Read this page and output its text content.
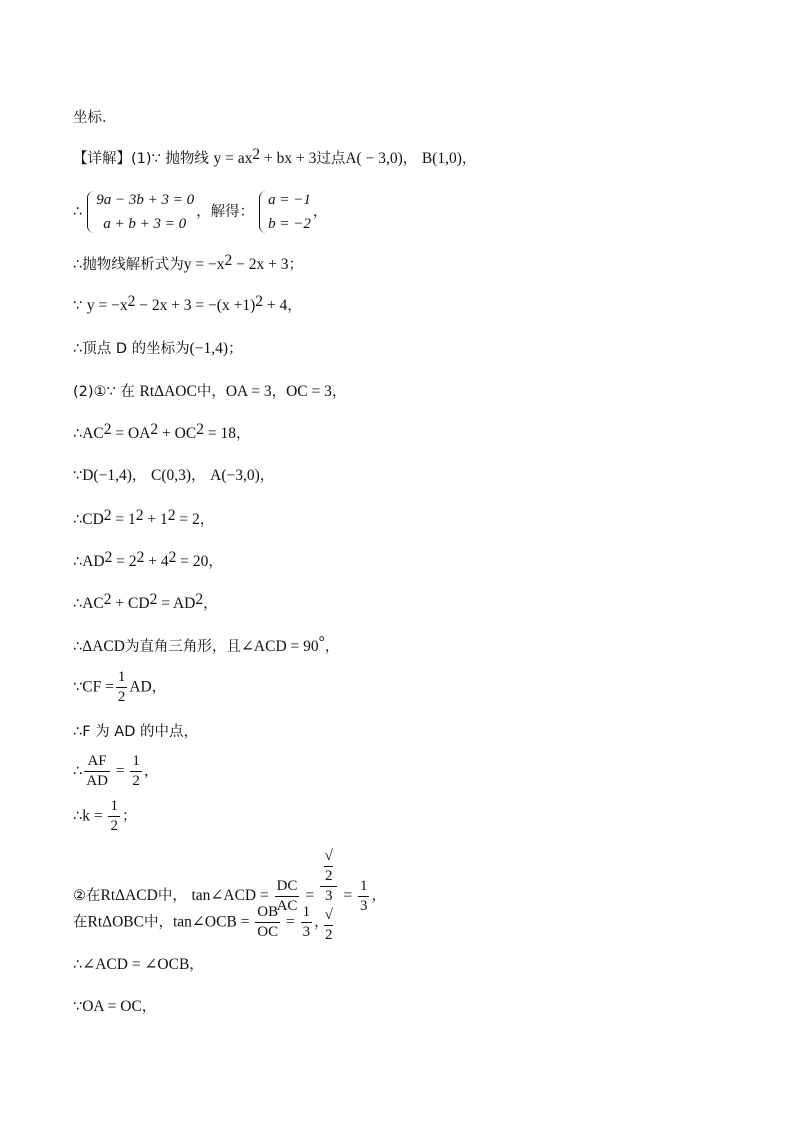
坐标．
【详解】(1)∵ 抛物线 $y = ax^2$ + bx + 3过点A( − 3,0)， B(1,0)，
∴
9a − 3b + 3 = 0
a + b + 3 = 0
，解得：
a = −1
b = −2
，
∴抛物线解析式为$y = -x^2 - 2x + 3$；
∵ $y = -x^2 - 2x + 3 = -(x +1)^2 + 4$，
∴顶点 D 的坐标为(−1,4)；
(2)①∵ 在 RtΔAOC中，OA = 3，OC = 3，
$\therefore AC^2 = OA^2 + OC^2 = 18$，
∵D(−1,4)， C(0,3)， A(−3,0)，
$\therefore CD^2 = 1^2 + 1^2 = 2$，
$\therefore AD^2 = 2^2 + 4^2 = 20$，
$\therefore AC^2 + CD^2 = AD^2$，
∴ΔACD为直角三角形，且∠ACD = 90°，
∵CF = $\frac{1}{2}$ AD，
∴F 为 AD 的中点，
∴ $\frac{AF}{AD} = \frac{1}{2}$ ，
∴k = $\frac{1}{2}$ ；
②在RtΔACD中， tan∠ACD = $\frac{DC}{AC}$ = √
2
3
√
$2 = \frac{1}{3}$ ，
在RtΔOBC中，tan∠OCB = $\frac{OB}{OC} = \frac{1}{3}$ ，
∴∠ACD = ∠OCB，
∵OA = OC，
